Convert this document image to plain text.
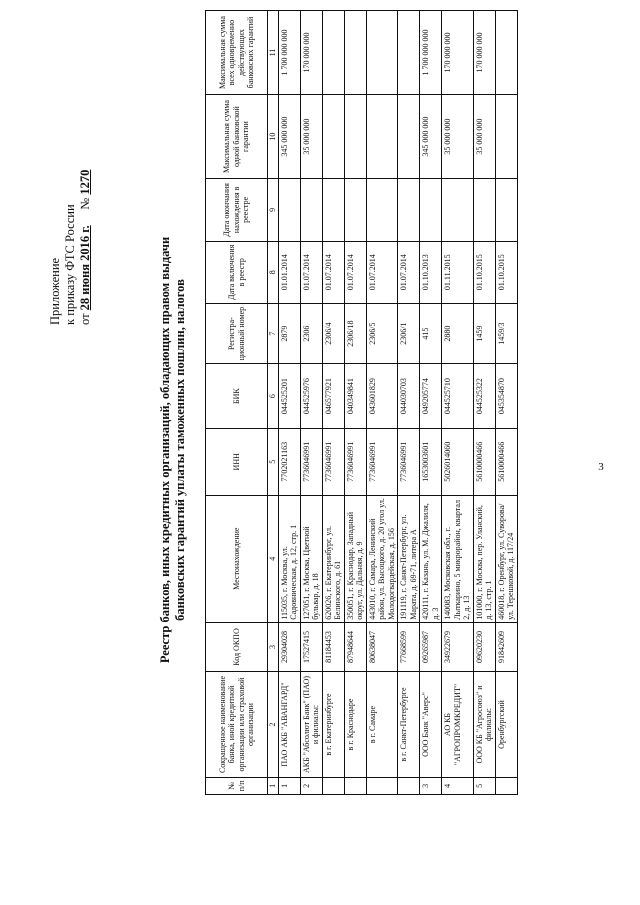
3
Приложение к приказу ФТС России от 28 июня 2016 г.     № 1270
Реестр банков, иных кредитных организаций, обладающих правом выдачи банковских гарантий уплаты таможенных пошлин, налогов
№ п/п	Сокращенное наименование банка, иной кредитной организации или страховой организации	Код ОКПО	Местонахождение	ИНН	БИК	Регистра-ционный номер	Дата включения в реестр	Дата окончания нахождения в реестре	Максимальная сумма одной банковской гарантии	Максимальная сумма всех одновременно действующих банковских гарантий
1	2	3	4	5	6	7	8	9	10	11
1	ПАО АКБ "АВАНГАРД"	29304028	115035, г. Москва, ул. Садовническая, д. 12, стр. 1	7702021163	044525201	2879	01.01.2014		345 000 000	1 700 000 000
2	АКБ "Абсолют Банк" (ПАО) и филиалы:	17527415	127051, г. Москва, Цветной бульвар, д. 18	7736046991	044525976	2306	01.07.2014		35 000 000	170 000 000
	в г. Екатеринбурге	81184453	620026, г. Екатеринбург, ул. Белинского, д. 61	7736046991	046577921	2306/4	01.07.2014			
	в г. Краснодаре	87948644	350051, г. Краснодар, Западный округ, ул. Дальняя, д. 9	7736046991	040349841	2306/18	01.07.2014			
	в г. Самаре	80638047	443010, г. Самара, Ленинский район, ул. Высоцкого, д. 20 угол ул. Молодогвардейская, д. 156	7736046991	043601829	2306/5	01.07.2014			
	в г. Санкт-Петербурге	77668599	191119, г. Санкт-Петербург, ул. Марата, д. 69-71, литера А	7736046991	044030703	2306/1	01.07.2014			
3	ООО Банк "Аверс"	09265987	420111, г. Казань, ул. М. Джалиля, д. 3	1653003601	049205774	415	01.10.2013		345 000 000	1 700 000 000
4	АО КБ "АГРОПРОМКРЕДИТ"	34922679	140083, Московская обл., г. Лыткарино, 5 микрорайон, квартал 2, д. 13	5026014060	044525710	2880	01.11.2015		35 000 000	170 000 000
5	ООО КБ "Агросоюз" и филиалы:	09620230	101000, г. Москва, пер. Уланский, д. 13, стр. 1	5610000466	044525322	1459	01.10.2015		35 000 000	170 000 000
	Оренбургский	91842609	460018, г. Оренбург, ул. Суворова/ ул. Терешковой, д. 117/24	5610000466	045354870	1459/3	01.10.2015			
